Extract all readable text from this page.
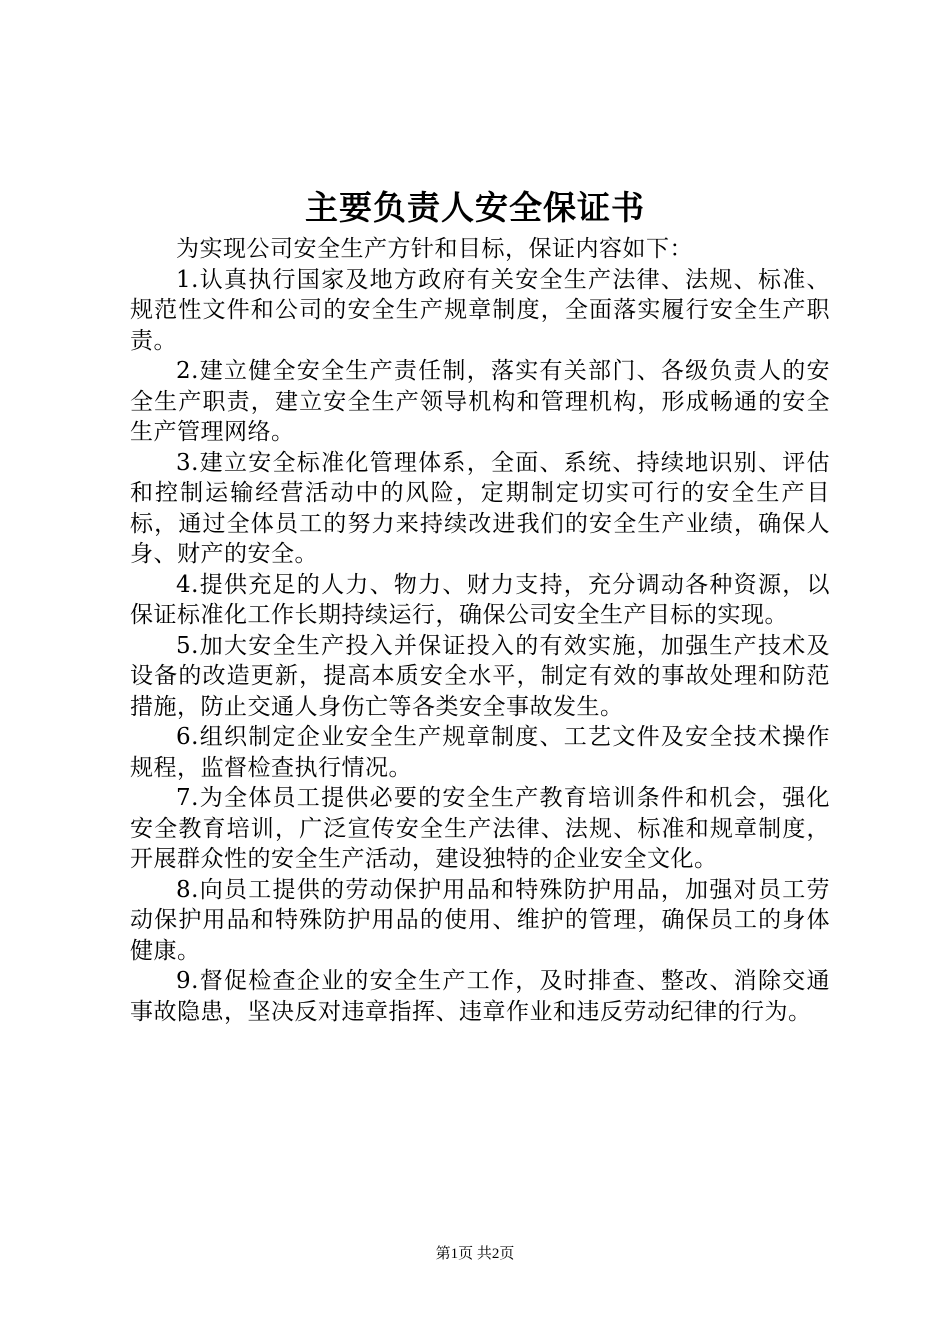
主要负责人安全保证书

为实现公司安全生产方针和目标，保证内容如下：

1.认真执行国家及地方政府有关安全生产法律、法规、标准、规范性文件和公司的安全生产规章制度，全面落实履行安全生产职责。

2.建立健全安全生产责任制，落实有关部门、各级负责人的安全生产职责，建立安全生产领导机构和管理机构，形成畅通的安全生产管理网络。

3.建立安全标准化管理体系，全面、系统、持续地识别、评估和控制运输经营活动中的风险，定期制定切实可行的安全生产目标，通过全体员工的努力来持续改进我们的安全生产业绩，确保人身、财产的安全。

4.提供充足的人力、物力、财力支持，充分调动各种资源，以保证标准化工作长期持续运行，确保公司安全生产目标的实现。

5.加大安全生产投入并保证投入的有效实施，加强生产技术及设备的改造更新，提高本质安全水平，制定有效的事故处理和防范措施，防止交通人身伤亡等各类安全事故发生。

6.组织制定企业安全生产规章制度、工艺文件及安全技术操作规程，监督检查执行情况。

7.为全体员工提供必要的安全生产教育培训条件和机会，强化安全教育培训，广泛宣传安全生产法律、法规、标准和规章制度，开展群众性的安全生产活动，建设独特的企业安全文化。

8.向员工提供的劳动保护用品和特殊防护用品，加强对员工劳动保护用品和特殊防护用品的使用、维护的管理，确保员工的身体健康。

9.督促检查企业的安全生产工作，及时排查、整改、消除交通事故隐患，坚决反对违章指挥、违章作业和违反劳动纪律的行为。

第1页 共2页
